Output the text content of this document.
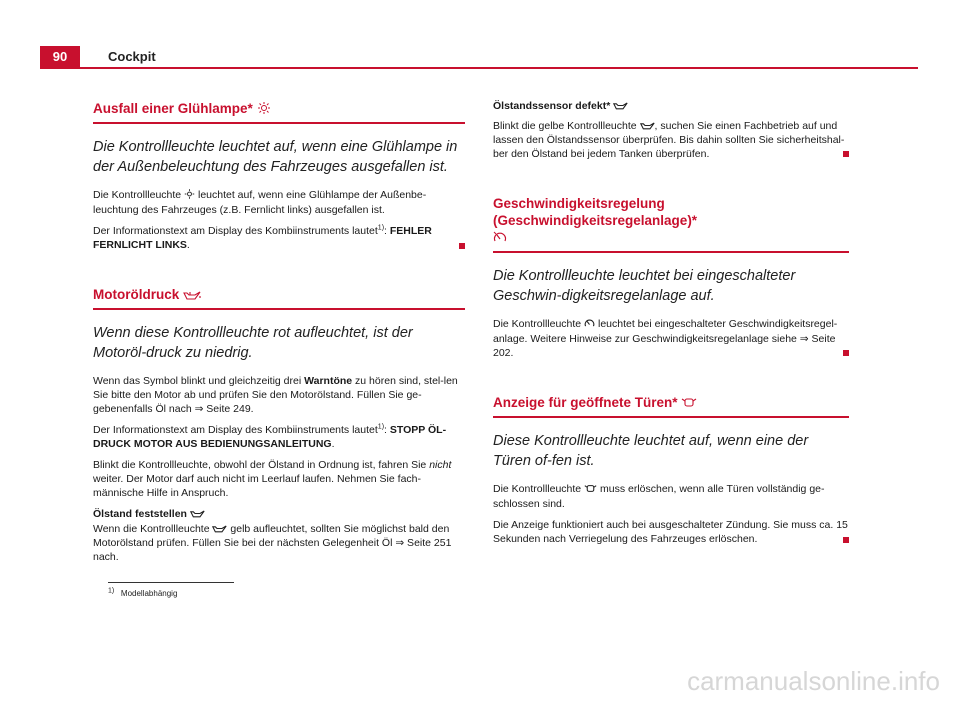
90	Cockpit
Ausfall einer Glühlampe*
Die Kontrollleuchte leuchtet auf, wenn eine Glühlampe in der Außenbeleuchtung des Fahrzeuges ausgefallen ist.

Die Kontrollleuchte leuchtet auf, wenn eine Glühlampe der Außenbe-leuchtung des Fahrzeuges (z.B. Fernlicht links) ausgefallen ist.

Der Informationstext am Display des Kombiinstruments lautet$^{1)}$: FEHLER FERNLICHT LINKS.

Motoröldruck
Wenn diese Kontrollleuchte rot aufleuchtet, ist der Motoröl-druck zu niedrig.

Wenn das Symbol blinkt und gleichzeitig drei Warntöne zu hören sind, stel-len Sie bitte den Motor ab und prüfen Sie den Motorölstand. Füllen Sie ge-gebenenfalls Öl nach ⇒ Seite 249.

Der Informationstext am Display des Kombiinstruments lautet$^{1)}$: STOPP ÖL-DRUCK MOTOR AUS BEDIENUNGSANLEITUNG.

Blinkt die Kontrollleuchte, obwohl der Ölstand in Ordnung ist, fahren Sie nicht weiter. Der Motor darf auch nicht im Leerlauf laufen. Nehmen Sie fach-männische Hilfe in Anspruch.

Ölstand feststellen

Wenn die Kontrollleuchte gelb aufleuchtet, sollten Sie möglichst bald den Motorölstand prüfen. Füllen Sie bei der nächsten Gelegenheit Öl ⇒ Seite 251 nach.

Ölstandssensor defekt*

Blinkt die gelbe Kontrollleuchte , suchen Sie einen Fachbetrieb auf und lassen den Ölstandssensor überprüfen. Bis dahin sollten Sie sicherheitshal-ber den Ölstand bei jedem Tanken überprüfen.

Geschwindigkeitsregelung (Geschwindigkeitsregelanlage)*

Die Kontrollleuchte leuchtet bei eingeschalteter Geschwin-digkeitsregelanlage auf.

Die Kontrollleuchte leuchtet bei eingeschalteter Geschwindigkeitsregel-anlage. Weitere Hinweise zur Geschwindigkeitsregelanlage siehe ⇒ Seite 202.

Anzeige für geöffnete Türen*
Diese Kontrollleuchte leuchtet auf, wenn eine der Türen of-fen ist.

Die Kontrollleuchte muss erlöschen, wenn alle Türen vollständig ge-schlossen sind.

Die Anzeige funktioniert auch bei ausgeschalteter Zündung. Sie muss ca. 15 Sekunden nach Verriegelung des Fahrzeuges erlöschen.

$^{1)}$ Modellabhängig
carmanualsonline.info
